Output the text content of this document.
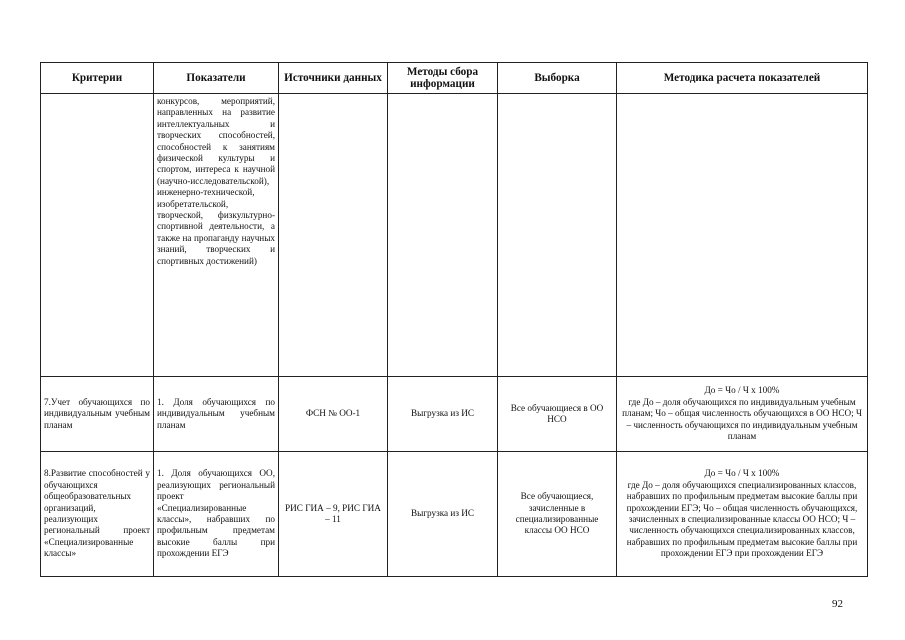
Критерии	Показатели	Источники данных	Методы сбора информации	Выборка	Методика расчета показателей
	конкурсов, мероприятий, направленных на развитие интеллектуальных и творческих способностей, способностей к занятиям физической культуры и спортом, интереса к научной (научно-исследовательской), инженерно-технической, изобретательской, творческой, физкультурно-спортивной деятельности, а также на пропаганду научных знаний, творческих и спортивных достижений)				
7.Учет обучающихся по индивидуальным учебным планам	1. Доля обучающихся по индивидуальным учебным планам	ФСН № ОО-1	Выгрузка из ИС	Все обучающиеся в ОО НСО	До = Чо / Ч х 100%
где До – доля обучающихся по индивидуальным учебным планам; Чо – общая численность обучающихся в ОО НСО; Ч – численность обучающихся по индивидуальным учебным планам

8.Развитие способностей у обучающихся общеобразовательных организаций, реализующих региональный проект «Специализированные классы»	1. Доля обучающихся ОО, реализующих региональный проект «Специализированные классы», набравших по профильным предметам высокие баллы при прохождении ЕГЭ	РИС ГИА – 9, РИС ГИА – 11	Выгрузка из ИС	Все обучающиеся, зачисленные в специализированные классы ОО НСО	До = Чо / Ч х 100%
где До – доля обучающихся специализированных классов, набравших по профильным предметам высокие баллы при прохождении ЕГЭ; Чо – общая численность обучающихся, зачисленных в специализированные классы ОО НСО; Ч – численность обучающихся специализированных классов, набравших по профильным предметам высокие баллы при прохождении ЕГЭ при прохождении ЕГЭ
92
